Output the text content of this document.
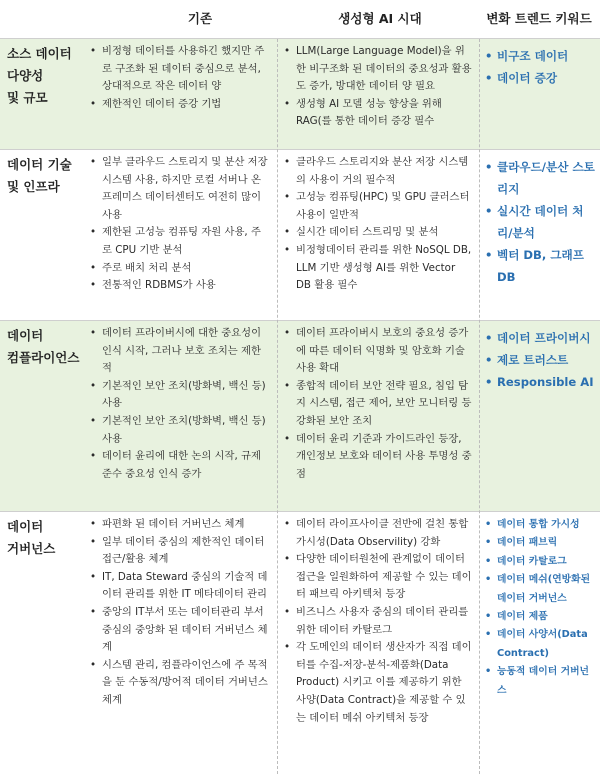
기존	생성형 AI 시대	변화 트렌드 키워드
소스 데이터
다양성
및 규모
• 비정형 데이터를 사용하긴 했지만 주로 구조화 된 데이터 중심으로 분석, 상대적으로 작은 데이터 양
• 제한적인 데이터 증강 기법
• LLM(Large Language Model)을 위한 비구조화 된 데이터의 중요성과 활용도 증가, 방대한 데이터 양 필요
• 생성형 AI 모델 성능 향상을 위해 RAG(를 통한 데이터 증강 필수
• 비구조 데이터
• 데이터 증강
데이터 기술
및 인프라
• 일부 클라우드 스토리지 및 분산 저장 시스템 사용, 하지만 로컬 서버나 온프레미스 데이터센터도 여전히 많이 사용
• 제한된 고성능 컴퓨팅 자원 사용, 주로 CPU 기반 분석
• 주로 배치 처리 분석
• 전통적인 RDBMS가 사용
• 클라우드 스토리지와 분산 저장 시스템의 사용이 거의 필수적
• 고성능 컴퓨팅(HPC) 및 GPU 클러스터 사용이 일반적
• 실시간 데이터 스트리밍 및 분석
• 비정형데이터 관리를 위한 NoSQL DB, LLM 기반 생성형 AI를 위한 Vector DB 활용 필수
• 클라우드/분산 스토리지
• 실시간 데이터 처리/분석
• 벡터 DB, 그래프 DB
데이터
컴플라이언스
• 데이터 프라이버시에 대한 중요성이 인식 시작, 그러나 보호 조치는 제한적
• 기본적인 보안 조치(방화벽, 백신 등) 사용
• 기본적인 보안 조치(방화벽, 백신 등) 사용
• 데이터 윤리에 대한 논의 시작, 규제 준수 중요성 인식 증가
• 데이터 프라이버시 보호의 중요성 증가에 따른 데이터 익명화 및 암호화 기술 사용 확대
• 종합적 데이터 보안 전략 필요, 침입 탐지 시스템, 접근 제어, 보안 모니터링 등 강화된 보안 조치
• 데이터 윤리 기준과 가이드라인 등장, 개인정보 보호와 데이터 사용 투명성 중점
• 데이터 프라이버시
• 제로 트러스트
• Responsible AI
데이터
거버넌스
• 파편화 된 데이터 거버넌스 체계
• 일부 데이터 중심의 제한적인 데이터 접근/활용 체계
• IT, Data Steward 중심의 기술적 데이터 관리를 위한 IT 메타데이터 관리
• 중앙의 IT부서 또는 데이터관리 부서 중심의 중앙화 된 데이터 거버넌스 체계
• 시스템 관리, 컴플라이언스에 주 목적을 둔 수동적/방어적 데이터 거버넌스 체계
• 데이터 라이프사이클 전반에 걸친 통합 가시성(Data Observility) 강화
• 다양한 데이터원천에 관계없이 데이터 접근을 일원화하여 제공할 수 있는 데이터 패브릭 아키텍처 등장
• 비즈니스 사용자 중심의 데이터 관리를 위한 데이터 카탈로그
• 각 도메인의 데이터 생산자가 직접 데이터를 수집-저장-분석-제품화(Data Product) 시키고 이를 제공하기 위한 사양(Data Contract)을 제공할 수 있는 데이터 메쉬 아키텍처 등장
• 데이터 통합 가시성
• 데이터 패브릭
• 데이터 카탈로그
• 데이터 메쉬(연방화된 데이터 거버넌스
• 데이터 제품
• 데이터 사양서(Data Contract)
• 능동적 데이터 거버넌스
